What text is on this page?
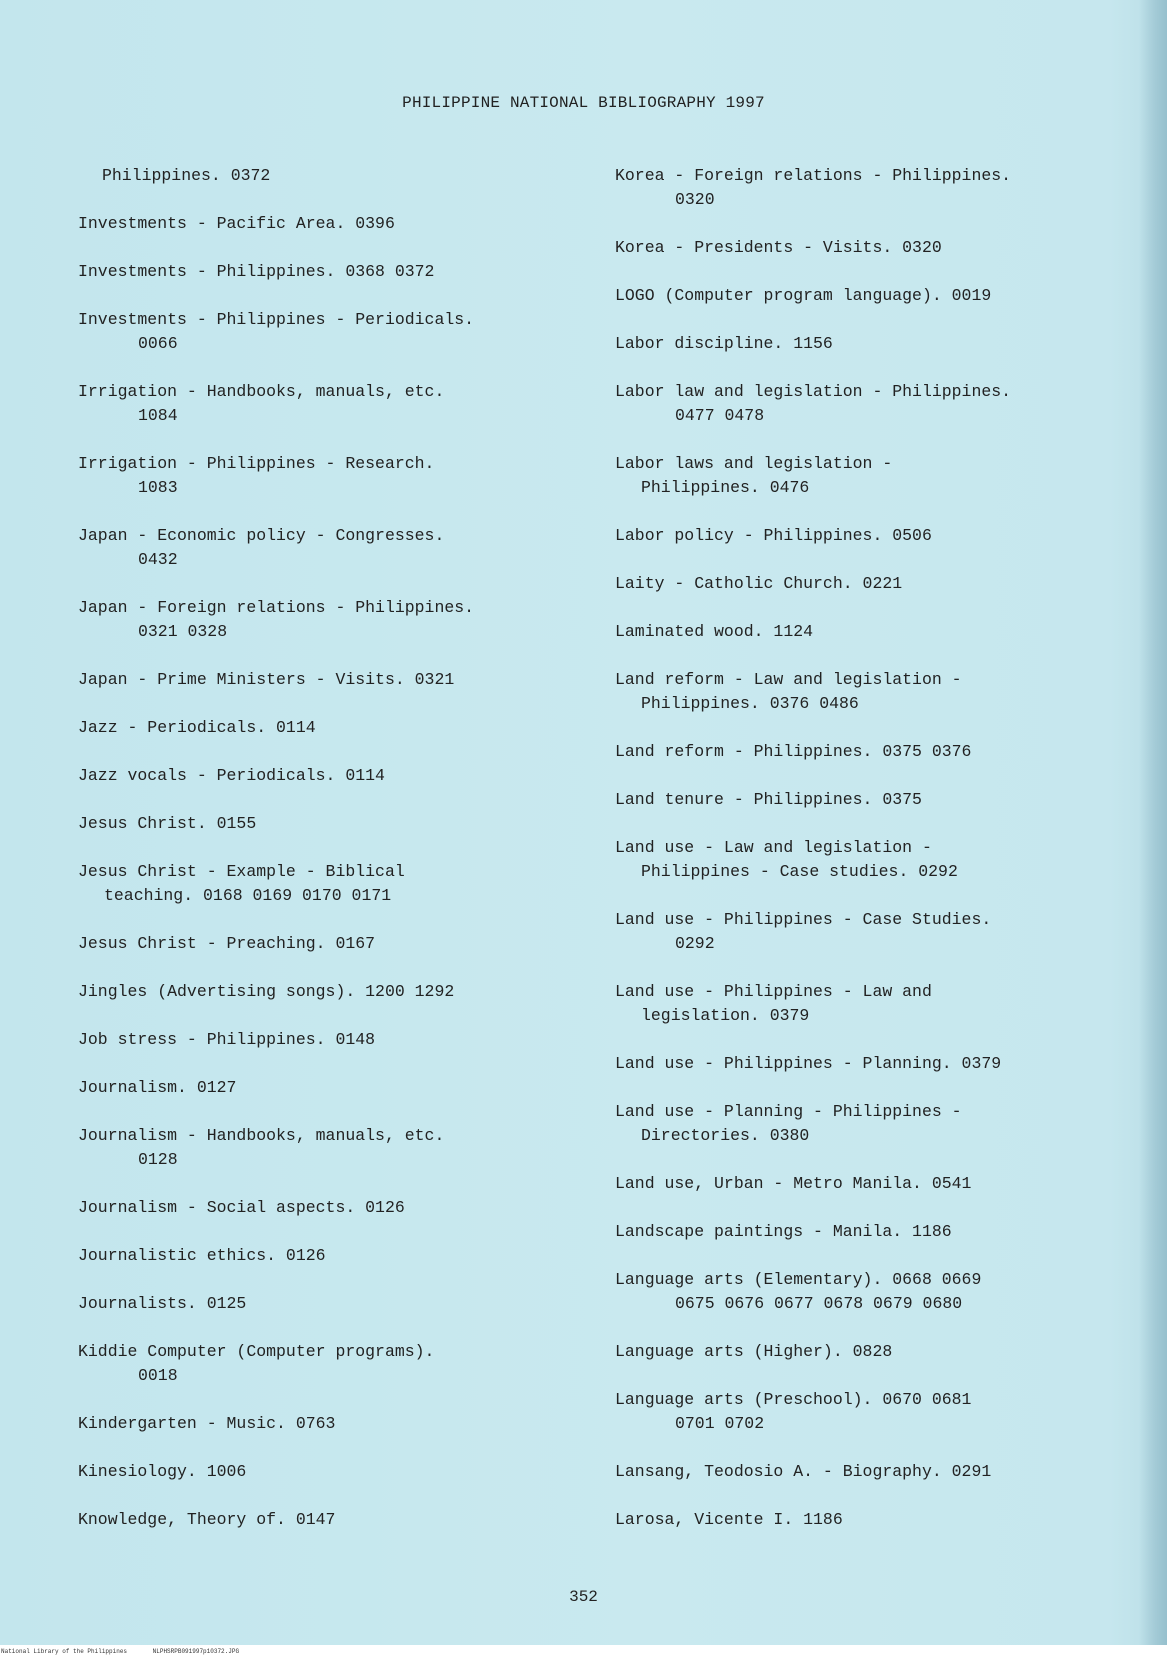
PHILIPPINE NATIONAL BIBLIOGRAPHY 1997
Philippines. 0372
Investments - Pacific Area. 0396
Investments - Philippines. 0368 0372
Investments - Philippines - Periodicals.
0066
Irrigation - Handbooks, manuals, etc.
1084
Irrigation - Philippines - Research.
1083
Japan - Economic policy - Congresses.
0432
Japan - Foreign relations - Philippines.
0321 0328
Japan - Prime Ministers - Visits. 0321
Jazz - Periodicals. 0114
Jazz vocals - Periodicals. 0114
Jesus Christ. 0155
Jesus Christ - Example - Biblical
teaching. 0168 0169 0170 0171
Jesus Christ - Preaching. 0167
Jingles (Advertising songs). 1200 1292
Job stress - Philippines. 0148
Journalism. 0127
Journalism - Handbooks, manuals, etc.
0128
Journalism - Social aspects. 0126
Journalistic ethics. 0126
Journalists. 0125
Kiddie Computer (Computer programs).
0018
Kindergarten - Music. 0763
Kinesiology. 1006
Knowledge, Theory of. 0147
Korea - Foreign relations - Philippines.
0320
Korea - Presidents - Visits. 0320
LOGO (Computer program language). 0019
Labor discipline. 1156
Labor law and legislation - Philippines.
0477 0478
Labor laws and legislation -
Philippines. 0476
Labor policy - Philippines. 0506
Laity - Catholic Church. 0221
Laminated wood. 1124
Land reform - Law and legislation -
Philippines. 0376 0486
Land reform - Philippines. 0375 0376
Land tenure - Philippines. 0375
Land use - Law and legislation -
Philippines - Case studies. 0292
Land use - Philippines - Case Studies.
0292
Land use - Philippines - Law and
legislation. 0379
Land use - Philippines - Planning. 0379
Land use - Planning - Philippines -
Directories. 0380
Land use, Urban - Metro Manila. 0541
Landscape paintings - Manila. 1186
Language arts (Elementary). 0668 0669
0675 0676 0677 0678 0679 0680
Language arts (Higher). 0828
Language arts (Preschool). 0670 0681
0701 0702
Lansang, Teodosio A. - Biography. 0291
Larosa, Vicente I. 1186
352
National Library of the Philippines	NLPHSRPB091997p10372.JPG
